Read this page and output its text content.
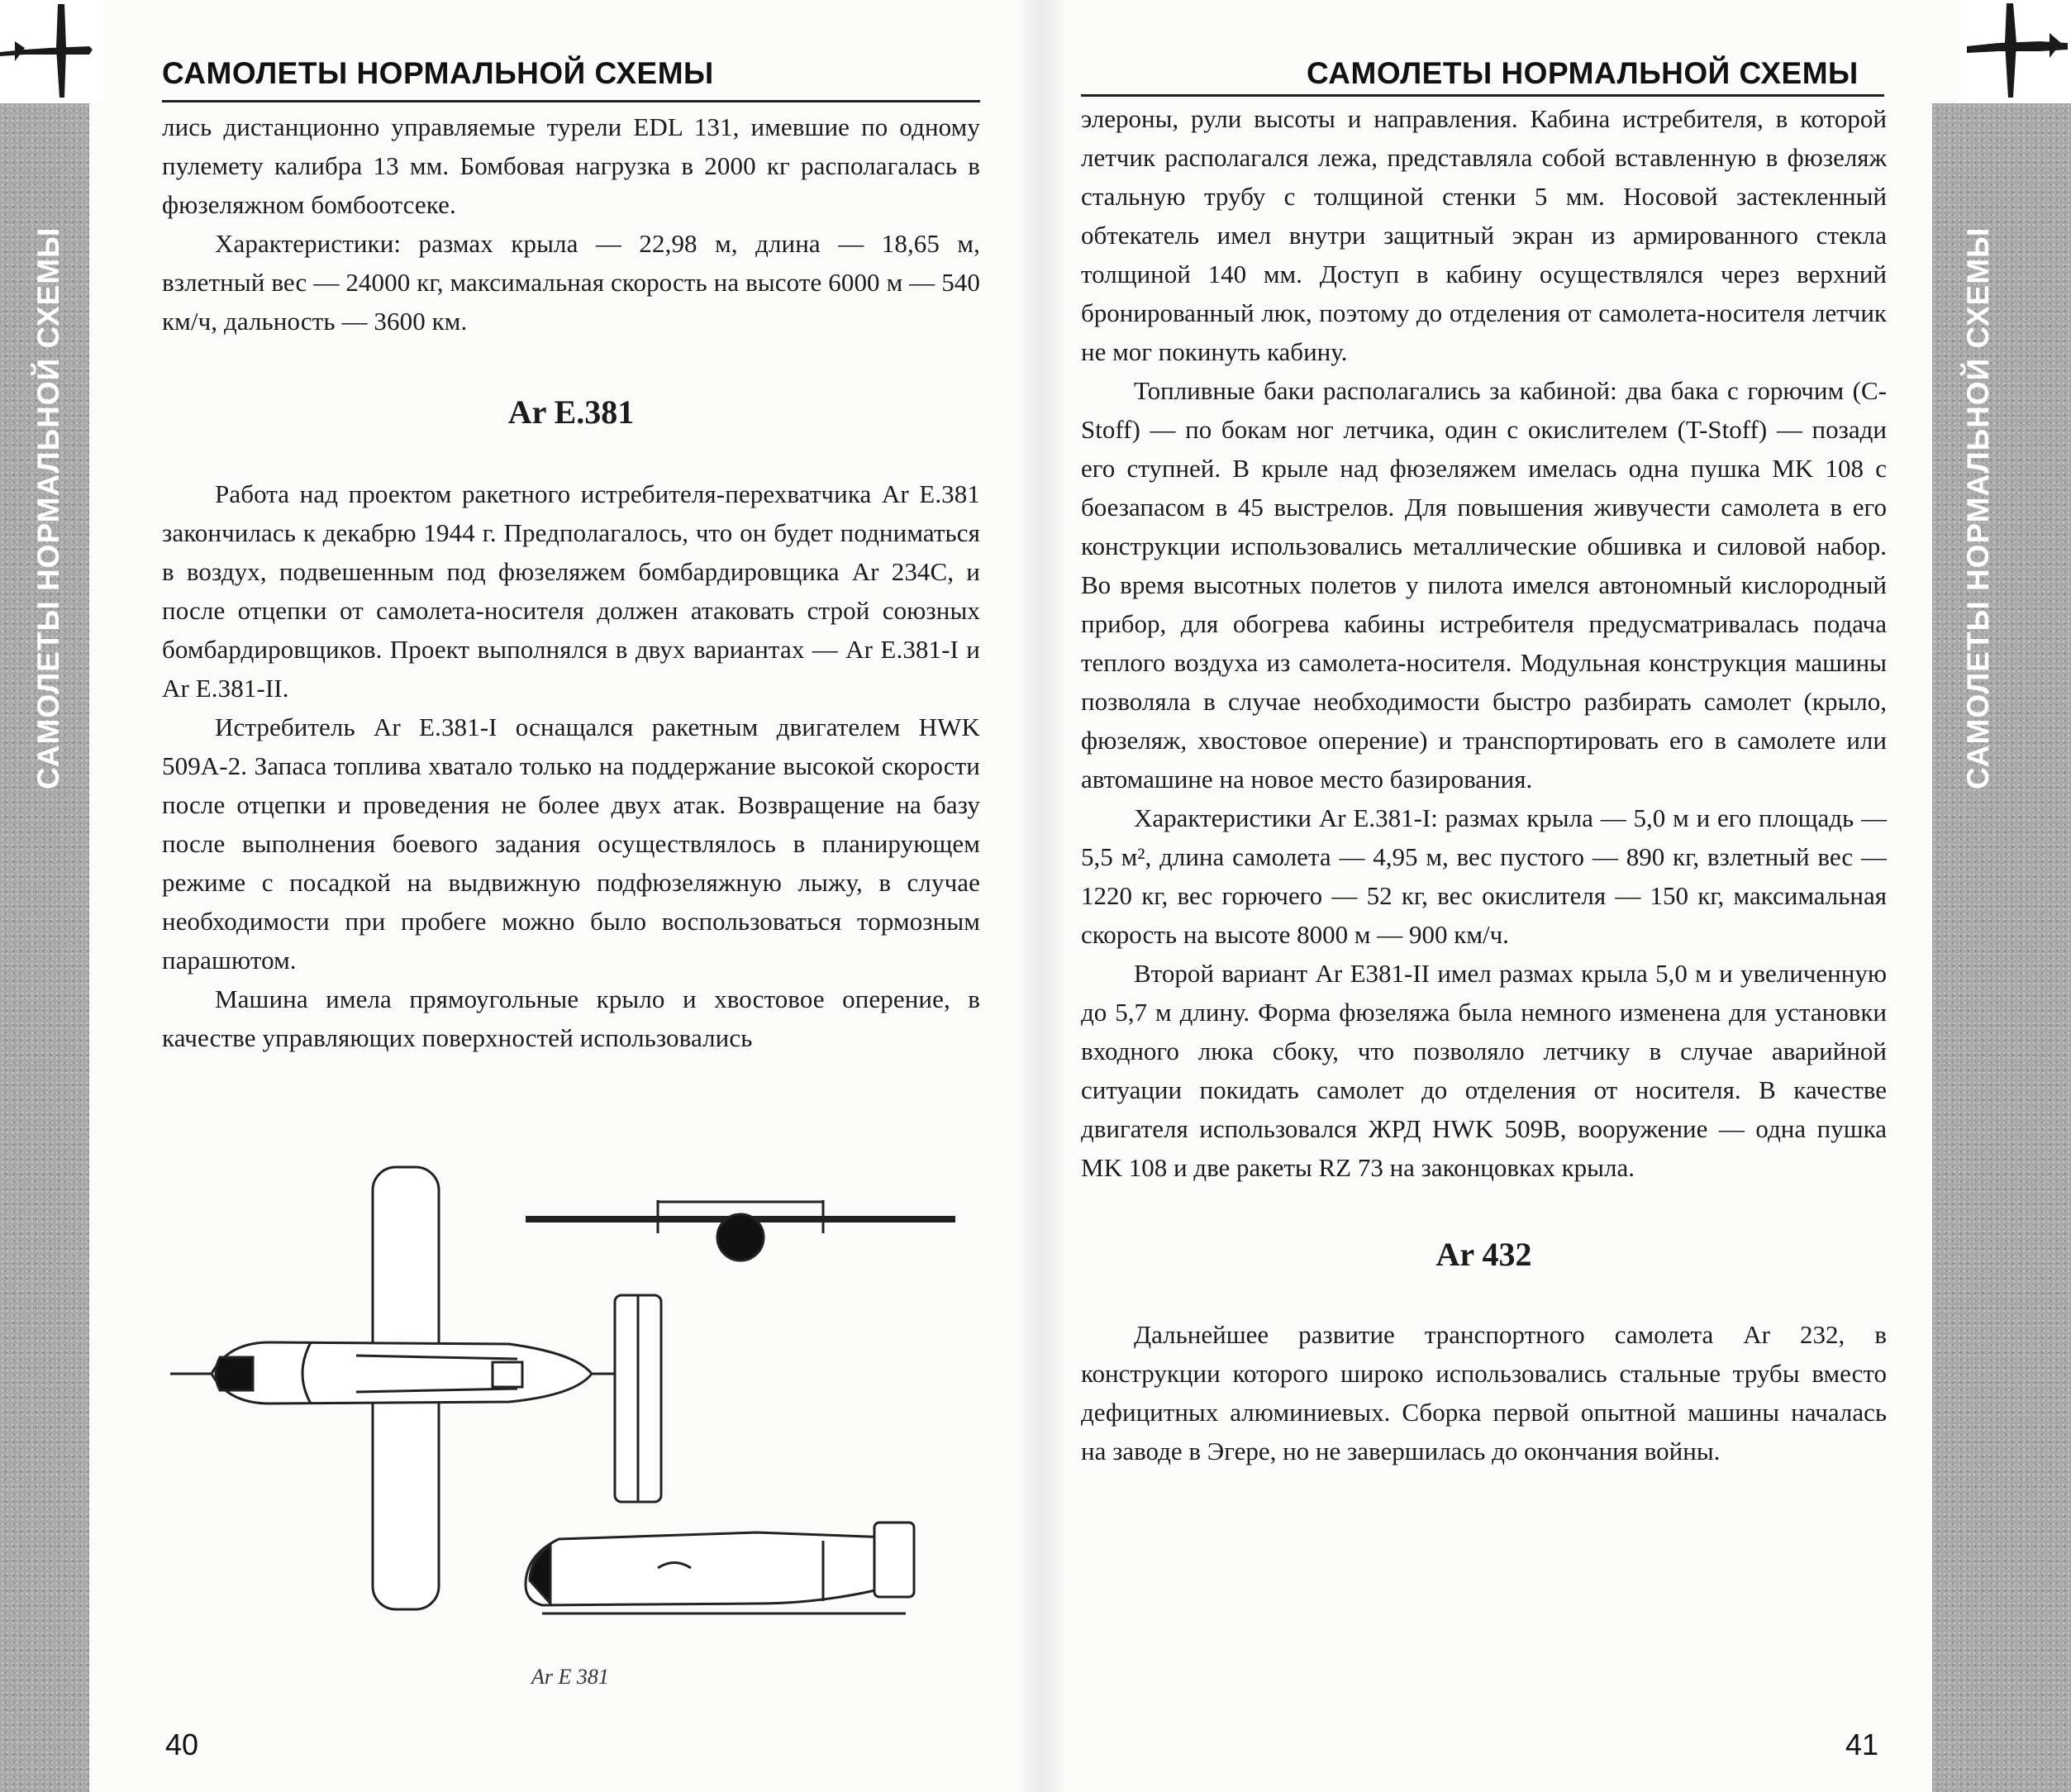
САМОЛЕТЫ НОРМАЛЬНОЙ СХЕМЫ
САМОЛЕТЫ НОРМАЛЬНОЙ СХЕМЫ

лись дистанционно управляемые турели EDL 131, имевшие по одному пулемету калибра 13 мм. Бомбовая нагрузка в 2000 кг располагалась в фюзеляжном бомбоотсеке.

Характеристики: размах крыла — 22,98 м, длина — 18,65 м, взлетный вес — 24000 кг, максимальная скорость на высоте 6000 м — 540 км/ч, дальность — 3600 км.

Ar E.381

Работа над проектом ракетного истребителя-перехватчика Ar E.381 закончилась к декабрю 1944 г. Предполагалось, что он будет подниматься в воздух, подвешенным под фюзеляжем бомбардировщика Ar 234C, и после отцепки от самолета-носителя должен атаковать строй союзных бомбардировщиков. Проект выполнялся в двух вариантах — Ar E.381-I и Ar E.381-II.

Истребитель Ar E.381-I оснащался ракетным двигателем HWK 509A-2. Запаса топлива хватало только на поддержание высокой скорости после отцепки и проведения не более двух атак. Возвращение на базу после выполнения боевого задания осуществлялось в планирующем режиме с посадкой на выдвижную подфюзеляжную лыжу, в случае необходимости при пробеге можно было воспользоваться тормозным парашютом.

Машина имела прямоугольные крыло и хвостовое оперение, в качестве управляющих поверхностей использовались

Ar E 381
40
САМОЛЕТЫ НОРМАЛЬНОЙ СХЕМЫ

элероны, рули высоты и направления. Кабина истребителя, в которой летчик располагался лежа, представляла собой вставленную в фюзеляж стальную трубу с толщиной стенки 5 мм. Носовой застекленный обтекатель имел внутри защитный экран из армированного стекла толщиной 140 мм. Доступ в кабину осуществлялся через верхний бронированный люк, поэтому до отделения от самолета-носителя летчик не мог покинуть кабину.

Топливные баки располагались за кабиной: два бака с горючим (C-Stoff) — по бокам ног летчика, один с окислителем (T-Stoff) — позади его ступней. В крыле над фюзеляжем имелась одна пушка MK 108 с боезапасом в 45 выстрелов. Для повышения живучести самолета в его конструкции использовались металлические обшивка и силовой набор. Во время высотных полетов у пилота имелся автономный кислородный прибор, для обогрева кабины истребителя предусматривалась подача теплого воздуха из самолета-носителя. Модульная конструкция машины позволяла в случае необходимости быстро разбирать самолет (крыло, фюзеляж, хвостовое оперение) и транспортировать его в самолете или автомашине на новое место базирования.

Характеристики Ar E.381-I: размах крыла — 5,0 м и его площадь — 5,5 м², длина самолета — 4,95 м, вес пустого — 890 кг, взлетный вес — 1220 кг, вес горючего — 52 кг, вес окислителя — 150 кг, максимальная скорость на высоте 8000 м — 900 км/ч.

Второй вариант Ar E381-II имел размах крыла 5,0 м и увеличенную до 5,7 м длину. Форма фюзеляжа была немного изменена для установки входного люка сбоку, что позволяло летчику в случае аварийной ситуации покидать самолет до отделения от носителя. В качестве двигателя использовался ЖРД HWK 509B, вооружение — одна пушка MK 108 и две ракеты RZ 73 на законцовках крыла.

Ar 432

Дальнейшее развитие транспортного самолета Ar 232, в конструкции которого широко использовались стальные трубы вместо дефицитных алюминиевых. Сборка первой опытной машины началась на заводе в Эгере, но не завершилась до окончания войны.

41
САМОЛЕТЫ НОРМАЛЬНОЙ СХЕМЫ
